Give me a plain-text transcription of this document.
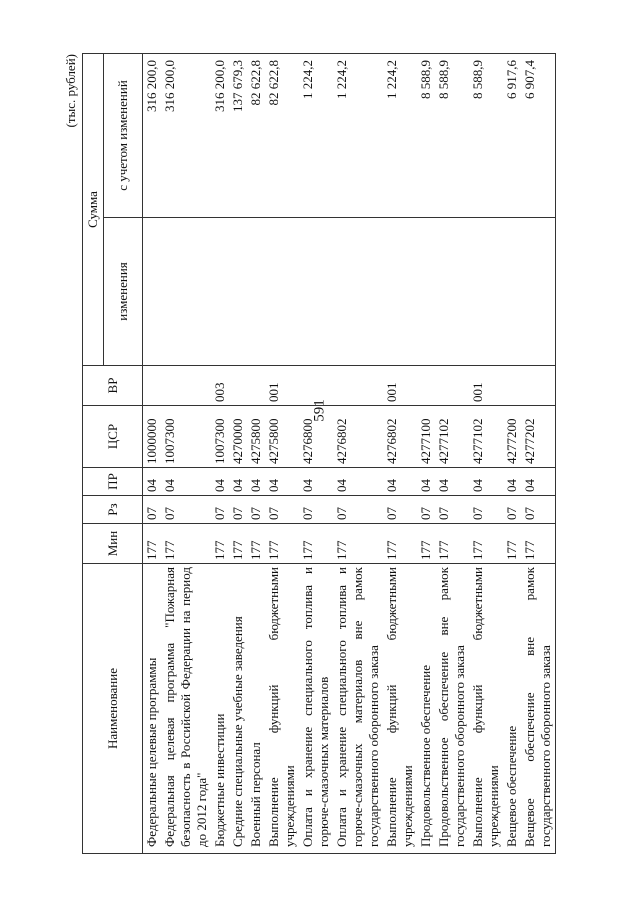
591
(тыс. рублей)
Наименование	Мин	Рз	ПР	ЦСР	ВР	Сумма	
						изменения	с учетом изменений
Федеральные целевые программы	177	07	04	1000000			316 200,0
Федеральная целевая программа "Пожарная безопасность в Российской Федерации на период до 2012 года"	177	07	04	1007300			316 200,0
Бюджетные инвестиции	177	07	04	1007300	003		316 200,0
Средние специальные учебные заведения	177	07	04	4270000			137 679,3
Военный персонал	177	07	04	4275800			82 622,8
Выполнение функций бюджетными учреждениями	177	07	04	4275800	001		82 622,8
Оплата и хранение специального топлива и горюче-смазочных материалов	177	07	04	4276800			1 224,2
Оплата и хранение специального топлива и горюче-смазочных материалов вне рамок государственного оборонного заказа	177	07	04	4276802			1 224,2
Выполнение функций бюджетными учреждениями	177	07	04	4276802	001		1 224,2
Продовольственное обеспечение	177	07	04	4277100			8 588,9
Продовольственное обеспечение вне рамок государственного оборонного заказа	177	07	04	4277102			8 588,9
Выполнение функций бюджетными учреждениями	177	07	04	4277102	001		8 588,9
Вещевое обеспечение	177	07	04	4277200			6 917,6
Вещевое обеспечение вне рамок государственного оборонного заказа	177	07	04	4277202			6 907,4
